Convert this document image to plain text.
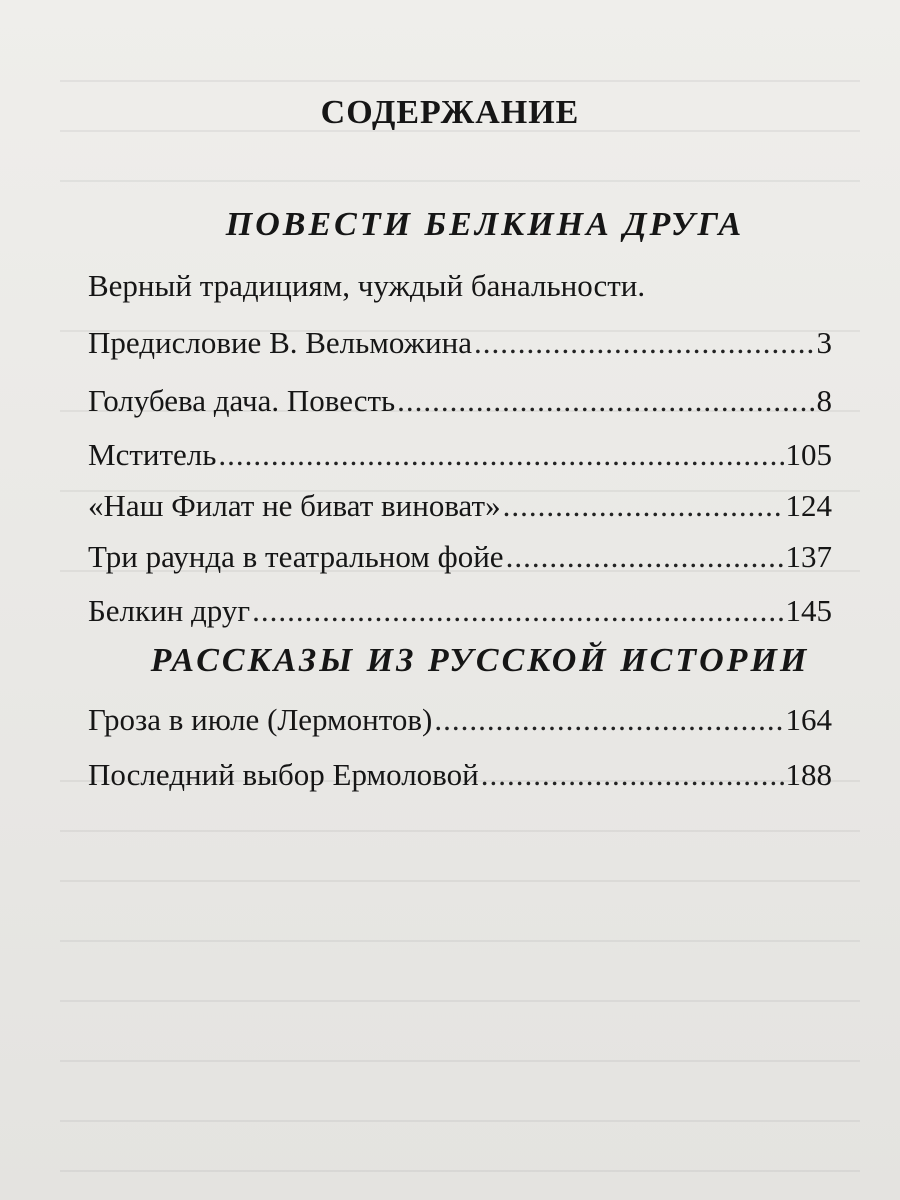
СОДЕРЖАНИЕ
ПОВЕСТИ БЕЛКИНА ДРУГА
Верный традициям, чуждый банальности.
Предисловие В. Вельможина .....	3
Голубева дача. Повесть .....	8
Мститель .....	105
«Наш Филат не биват виноват» .....	124
Три раунда в театральном фойе .....	137
Белкин друг .....	145
РАССКАЗЫ ИЗ РУССКОЙ ИСТОРИИ
Гроза в июле (Лермонтов) .....	164
Последний выбор Ермоловой .....	188
